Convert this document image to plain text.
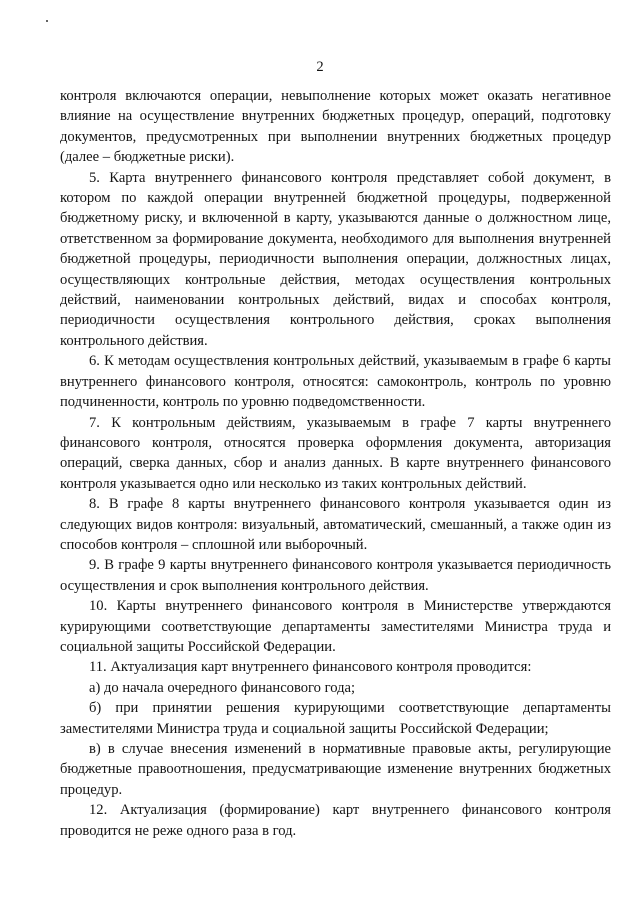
2

контроля включаются операции, невыполнение которых может оказать негативное влияние на осуществление внутренних бюджетных процедур, операций, подготовку документов, предусмотренных при выполнении внутренних бюджетных процедур (далее – бюджетные риски).

5. Карта внутреннего финансового контроля представляет собой документ, в котором по каждой операции внутренней бюджетной процедуры, подверженной бюджетному риску, и включенной в карту, указываются данные о должностном лице, ответственном за формирование документа, необходимого для выполнения внутренней бюджетной процедуры, периодичности выполнения операции, должностных лицах, осуществляющих контрольные действия, методах осуществления контрольных действий, наименовании контрольных действий, видах и способах контроля, периодичности осуществления контрольного действия, сроках выполнения контрольного действия.

6. К методам осуществления контрольных действий, указываемым в графе 6 карты внутреннего финансового контроля, относятся: самоконтроль, контроль по уровню подчиненности, контроль по уровню подведомственности.

7. К контрольным действиям, указываемым в графе 7 карты внутреннего финансового контроля, относятся проверка оформления документа, авторизация операций, сверка данных, сбор и анализ данных. В карте внутреннего финансового контроля указывается одно или несколько из таких контрольных действий.

8. В графе 8 карты внутреннего финансового контроля указывается один из следующих видов контроля: визуальный, автоматический, смешанный, а также один из способов контроля – сплошной или выборочный.

9. В графе 9 карты внутреннего финансового контроля указывается периодичность осуществления и срок выполнения контрольного действия.

10. Карты внутреннего финансового контроля в Министерстве утверждаются курирующими соответствующие департаменты заместителями Министра труда и социальной защиты Российской Федерации.

11. Актуализация карт внутреннего финансового контроля проводится:

а) до начала очередного финансового года;

б) при принятии решения курирующими соответствующие департаменты заместителями Министра труда и социальной защиты Российской Федерации;

в) в случае внесения изменений в нормативные правовые акты, регулирующие бюджетные правоотношения, предусматривающие изменение внутренних бюджетных процедур.

12. Актуализация (формирование) карт внутреннего финансового контроля проводится не реже одного раза в год.
